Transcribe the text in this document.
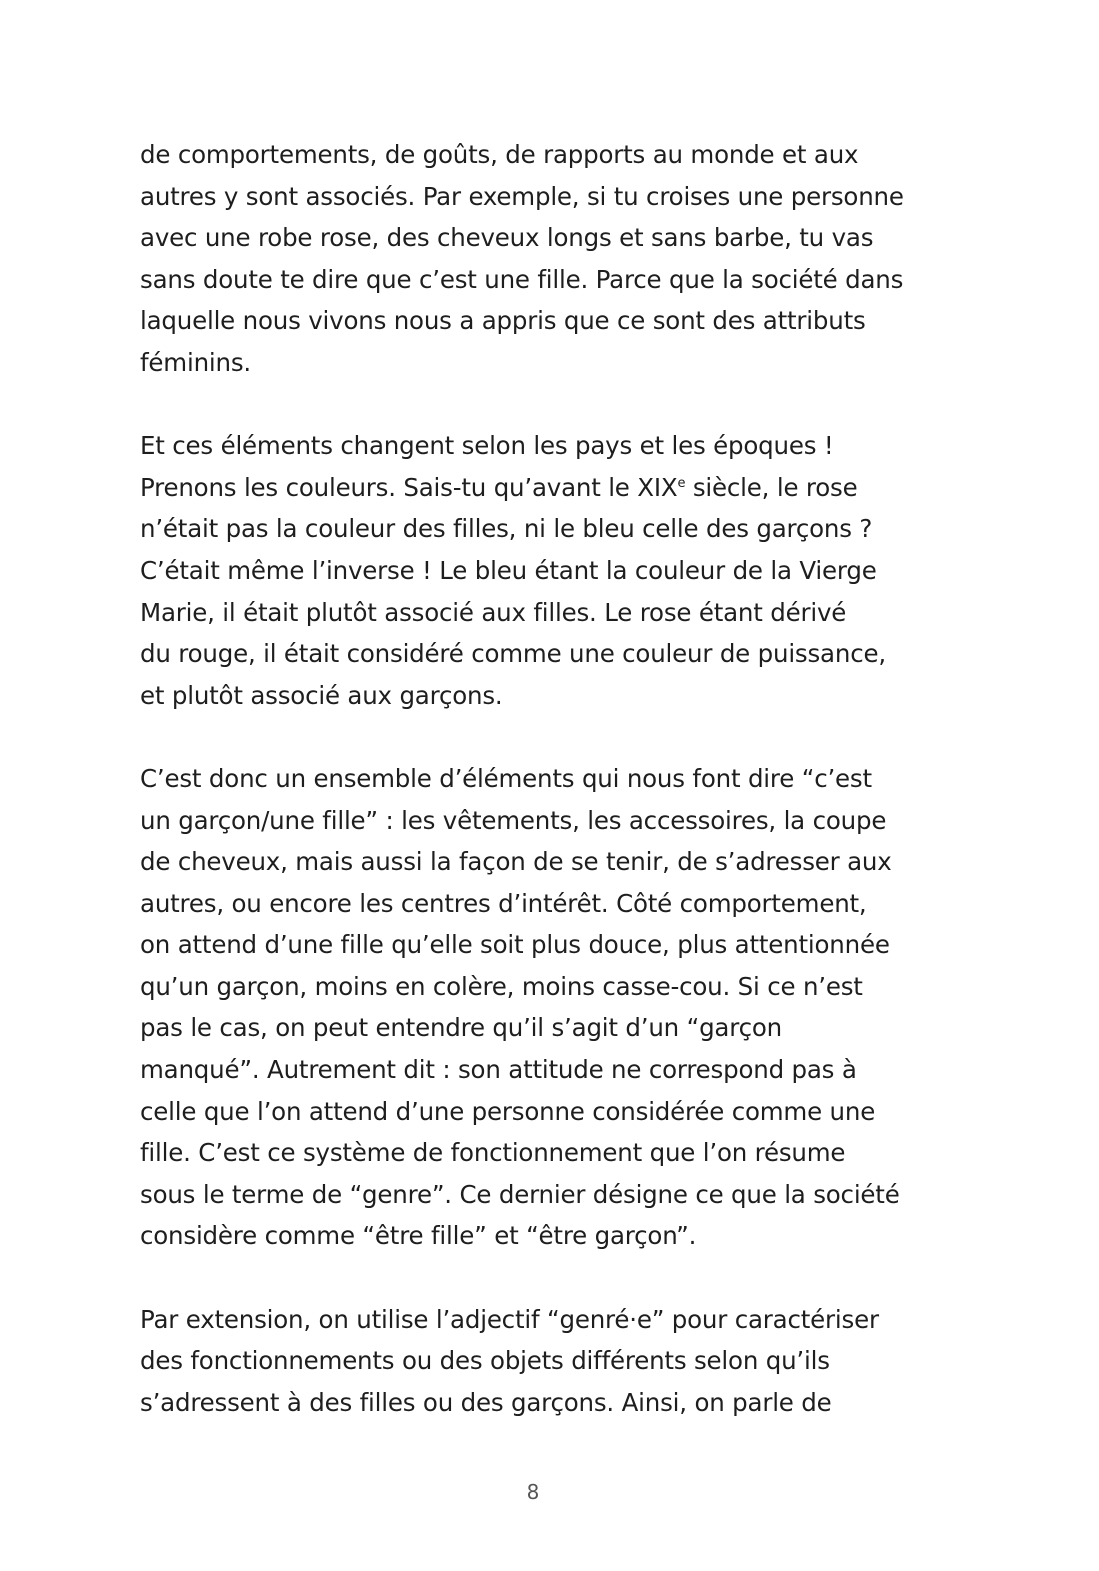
de comportements, de goûts, de rapports au monde et aux
autres y sont associés. Par exemple, si tu croises une personne
avec une robe rose, des cheveux longs et sans barbe, tu vas
sans doute te dire que c’est une fille. Parce que la société dans
laquelle nous vivons nous a appris que ce sont des attributs
féminins.
Et ces éléments changent selon les pays et les époques !
Prenons les couleurs. Sais-tu qu’avant le XIXe siècle, le rose
n’était pas la couleur des filles, ni le bleu celle des garçons ?
C’était même l’inverse ! Le bleu étant la couleur de la Vierge
Marie, il était plutôt associé aux filles. Le rose étant dérivé
du rouge, il était considéré comme une couleur de puissance,
et plutôt associé aux garçons.
C’est donc un ensemble d’éléments qui nous font dire “c’est
un garçon/une fille” : les vêtements, les accessoires, la coupe
de cheveux, mais aussi la façon de se tenir, de s’adresser aux
autres, ou encore les centres d’intérêt. Côté comportement,
on attend d’une fille qu’elle soit plus douce, plus attentionnée
qu’un garçon, moins en colère, moins casse-cou. Si ce n’est
pas le cas, on peut entendre qu’il s’agit d’un “garçon
manqué”. Autrement dit : son attitude ne correspond pas à
celle que l’on attend d’une personne considérée comme une
fille. C’est ce système de fonctionnement que l’on résume
sous le terme de “genre”. Ce dernier désigne ce que la société
considère comme “être fille” et “être garçon”.
Par extension, on utilise l’adjectif “genré·e” pour caractériser
des fonctionnements ou des objets différents selon qu’ils
s’adressent à des filles ou des garçons. Ainsi, on parle de
8
